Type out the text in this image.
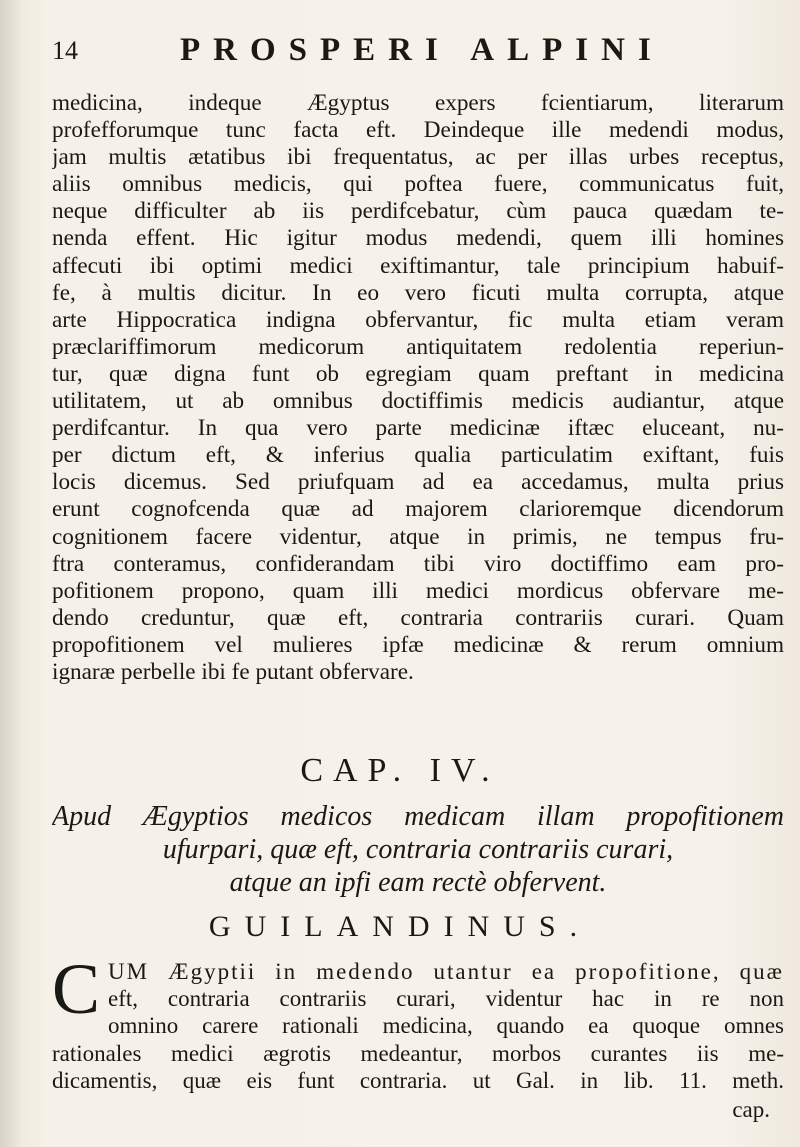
14	PROSPERI ALPINI
medicina, indeque Ægyptus expers fcientiarum, literarum
profefforumque tunc facta eft. Deindeque ille medendi modus,
jam multis ætatibus ibi frequentatus, ac per illas urbes receptus,
aliis omnibus medicis, qui poftea fuere, communicatus fuit,
neque difficulter ab iis perdifcebatur, cùm pauca quædam te-
nenda effent. Hic igitur modus medendi, quem illi homines
affecuti ibi optimi medici exiftimantur, tale principium habuif-
fe, à multis dicitur. In eo vero ficuti multa corrupta, atque
arte Hippocratica indigna obfervantur, fic multa etiam veram
præclariffimorum medicorum antiquitatem redolentia reperiun-
tur, quæ digna funt ob egregiam quam preftant in medicina
utilitatem, ut ab omnibus doctiffimis medicis audiantur, atque
perdifcantur. In qua vero parte medicinæ iftæc eluceant, nu-
per dictum eft, & inferius qualia particulatim exiftant, fuis
locis dicemus. Sed priufquam ad ea accedamus, multa prius
erunt cognofcenda quæ ad majorem clarioremque dicendorum
cognitionem facere videntur, atque in primis, ne tempus fru-
ftra conteramus, confiderandam tibi viro doctiffimo eam pro-
pofitionem propono, quam illi medici mordicus obfervare me-
dendo creduntur, quæ eft, contraria contrariis curari. Quam
propofitionem vel mulieres ipfæ medicinæ & rerum omnium
ignaræ perbelle ibi fe putant obfervare.
CAP. IV.
Apud Ægyptios medicos medicam illam propofitionem
ufurpari, quæ eft, contraria contrariis curari,
atque an ipfi eam rectè obfervent.
GUILANDINUS.
C UM Ægyptii in medendo utantur ea propofitione, quæ
eft, contraria contrariis curari, videntur hac in re non
omnino carere rationali medicina, quando ea quoque omnes
rationales medici ægrotis medeantur, morbos curantes iis me-
dicamentis, quæ eis funt contraria. ut Gal. in lib. 11. meth.
cap.
